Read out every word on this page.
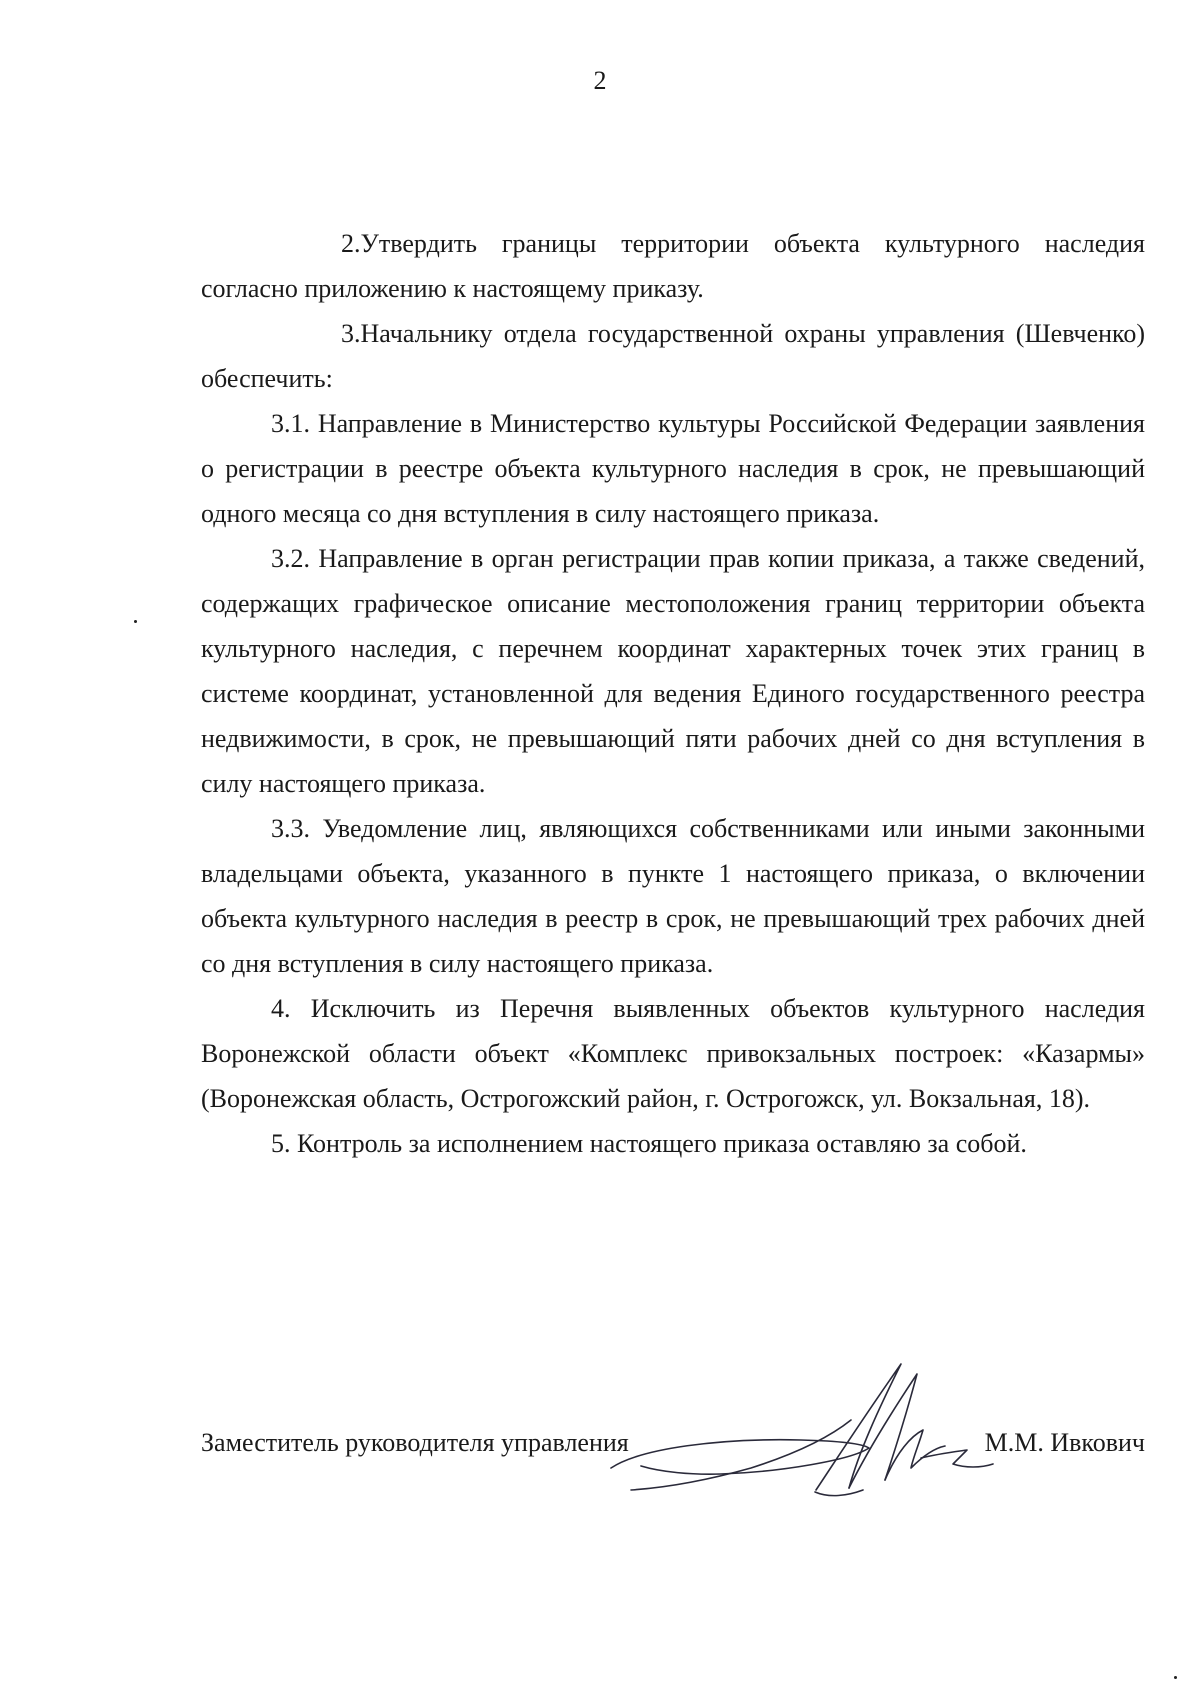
2

2.Утвердить границы территории объекта культурного наследия согласно приложению к настоящему приказу.

3.Начальнику отдела государственной охраны управления (Шевченко) обеспечить:

3.1. Направление в Министерство культуры Российской Федерации заявления о регистрации в реестре объекта культурного наследия в срок, не превышающий одного месяца со дня вступления в силу настоящего приказа.

3.2. Направление в орган регистрации прав копии приказа, а также сведений, содержащих графическое описание местоположения границ территории объекта культурного наследия, с перечнем координат характерных точек этих границ в системе координат, установленной для ведения Единого государственного реестра недвижимости, в срок, не превышающий пяти рабочих дней со дня вступления в силу настоящего приказа.

3.3. Уведомление лиц, являющихся собственниками или иными законными владельцами объекта, указанного в пункте 1 настоящего приказа, о включении объекта культурного наследия в реестр в срок, не превышающий трех рабочих дней со дня вступления в силу настоящего приказа.

4. Исключить из Перечня выявленных объектов культурного наследия Воронежской области объект «Комплекс привокзальных построек: «Казармы» (Воронежская область, Острогожский район, г. Острогожск, ул. Вокзальная, 18).

5. Контроль за исполнением настоящего приказа оставляю за собой.

Заместитель руководителя управления	М.М. Ивкович
